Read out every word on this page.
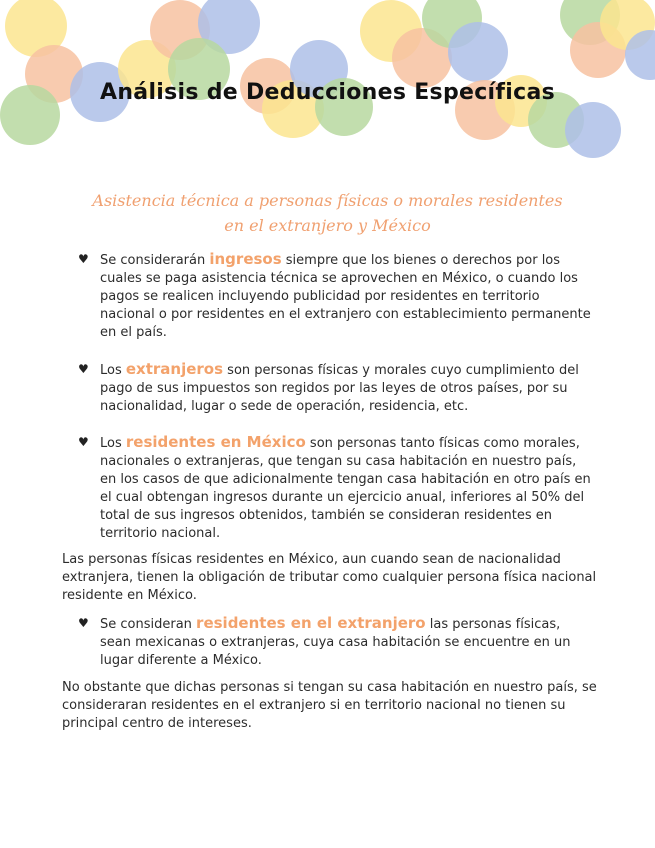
Análisis de Deducciones Específicas
Asistencia técnica a personas físicas o morales residentes
en el extranjero y México
♥ Se considerarán ingresos siempre que los bienes o derechos por los cuales se paga asistencia técnica se aprovechen en México, o cuando los pagos se realicen incluyendo publicidad por residentes en territorio nacional o por residentes en el extranjero con establecimiento permanente en el país.
♥ Los extranjeros son personas físicas y morales cuyo cumplimiento del pago de sus impuestos son regidos por las leyes de otros países, por su nacionalidad, lugar o sede de operación, residencia, etc.
♥ Los residentes en México son personas tanto físicas como morales, nacionales o extranjeras, que tengan su casa habitación en nuestro país, en los casos de que adicionalmente tengan casa habitación en otro país en el cual obtengan ingresos durante un ejercicio anual, inferiores al 50% del total de sus ingresos obtenidos, también se consideran residentes en territorio nacional.
Las personas físicas residentes en México, aun cuando sean de nacionalidad extranjera, tienen la obligación de tributar como cualquier persona física nacional residente en México.
♥ Se consideran residentes en el extranjero las personas físicas, sean mexicanas o extranjeras, cuya casa habitación se encuentre en un lugar diferente a México.
No obstante que dichas personas si tengan su casa habitación en nuestro país, se consideraran residentes en el extranjero si en territorio nacional no tienen su principal centro de intereses.
